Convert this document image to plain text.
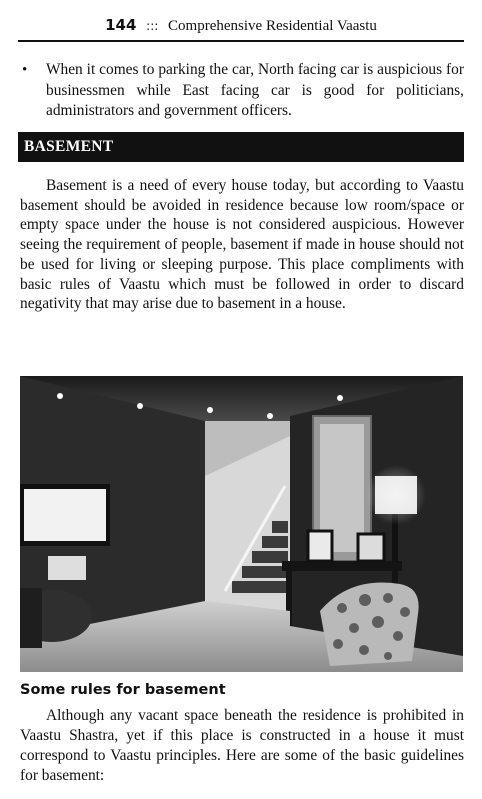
144 ::: Comprehensive Residential Vaastu
•	When it comes to parking the car, North facing car is auspicious for businessmen while East facing car is good for politicians, administrators and government officers.
BASEMENT

Basement is a need of every house today, but according to Vaastu basement should be avoided in residence because low room/space or empty space under the house is not considered auspicious. However seeing the requirement of people, basement if made in house should not be used for living or sleeping purpose. This place compliments with basic rules of Vaastu which must be followed in order to discard negativity that may arise due to basement in a house.

Some rules for basement

Although any vacant space beneath the residence is prohibited in Vaastu Shastra, yet if this place is constructed in a house it must correspond to Vaastu principles. Here are some of the basic guidelines for basement:
